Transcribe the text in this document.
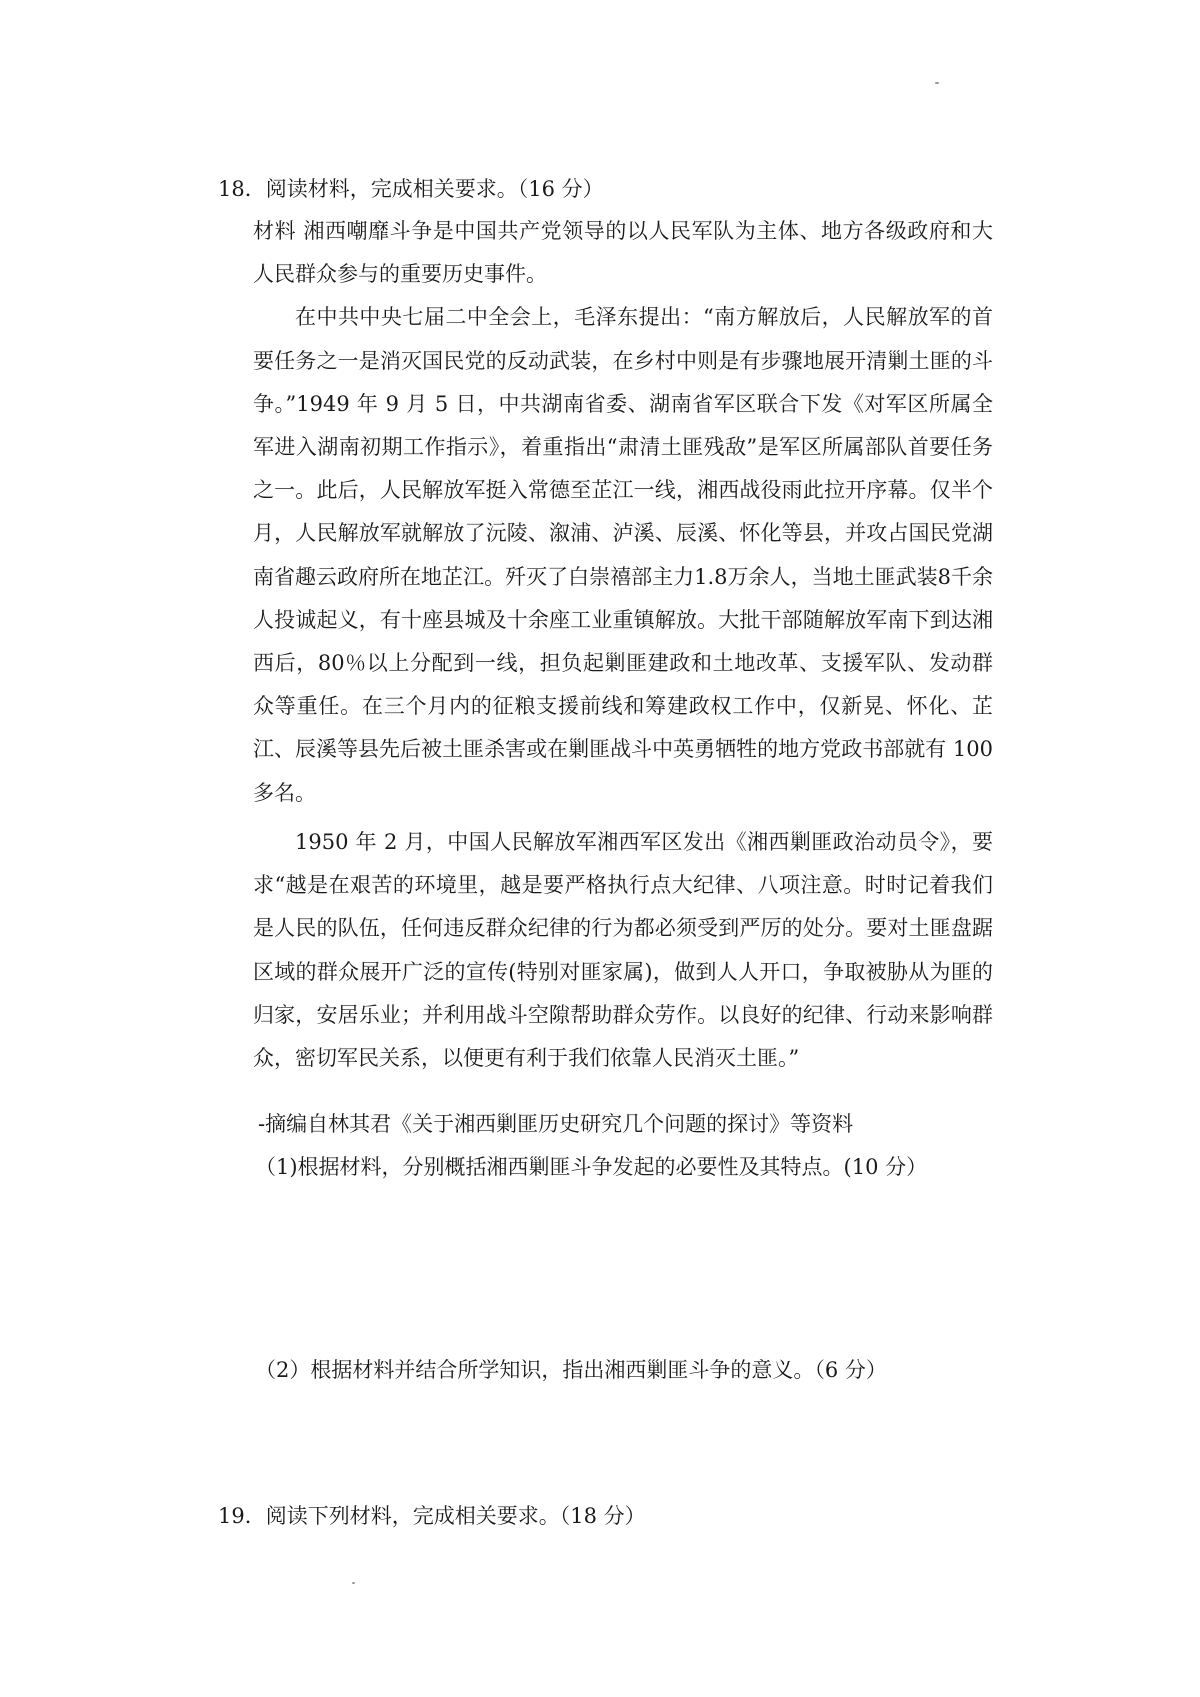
18．阅读材料，完成相关要求。（16 分）

材料 湘西嘲靡斗争是中国共产党领导的以人民军队为主体、地方各级政府和大人民群众参与的重要历史事件。

在中共中央七届二中全会上，毛泽东提出：“南方解放后，人民解放军的首要任务之一是消灭国民党的反动武装，在乡村中则是有步骤地展开清剿土匪的斗争。”1949 年 9 月 5 日，中共湖南省委、湖南省军区联合下发《对军区所属全军进入湖南初期工作指示》，着重指出“肃清土匪残敌”是军区所属部队首要任务之一。此后，人民解放军挺入常德至芷江一线，湘西战役雨此拉开序幕。仅半个月，人民解放军就解放了沅陵、溆浦、泸溪、辰溪、怀化等县，并攻占国民党湖南省趣云政府所在地芷江。歼灭了白崇禧部主力1.8万余人，当地土匪武装8千余人投诚起义，有十座县城及十余座工业重镇解放。大批干部随解放军南下到达湘西后，80％以上分配到一线，担负起剿匪建政和土地改革、支援军队、发动群众等重任。在三个月内的征粮支援前线和筹建政权工作中，仅新晃、怀化、芷江、辰溪等县先后被土匪杀害或在剿匪战斗中英勇牺牲的地方党政书部就有 100 多名。

1950 年 2 月，中国人民解放军湘西军区发出《湘西剿匪政治动员令》，要求“越是在艰苦的环境里，越是要严格执行点大纪律、八项注意。时时记着我们是人民的队伍，任何违反群众纪律的行为都必须受到严厉的处分。要对土匪盘踞区域的群众展开广泛的宣传(特别对匪家属)，做到人人开口，争取被胁从为匪的归家，安居乐业；并利用战斗空隙帮助群众劳作。以良好的纪律、行动来影响群众，密切军民关系，以便更有利于我们依靠人民消灭土匪。”

-摘编自林其君《关于湘西剿匪历史研究几个问题的探讨》等资料
（1)根据材料，分别概括湘西剿匪斗争发起的必要性及其特点。(10 分）
（2）根据材料并结合所学知识，指出湘西剿匪斗争的意义。（6 分）
19．阅读下列材料，完成相关要求。（18 分）
